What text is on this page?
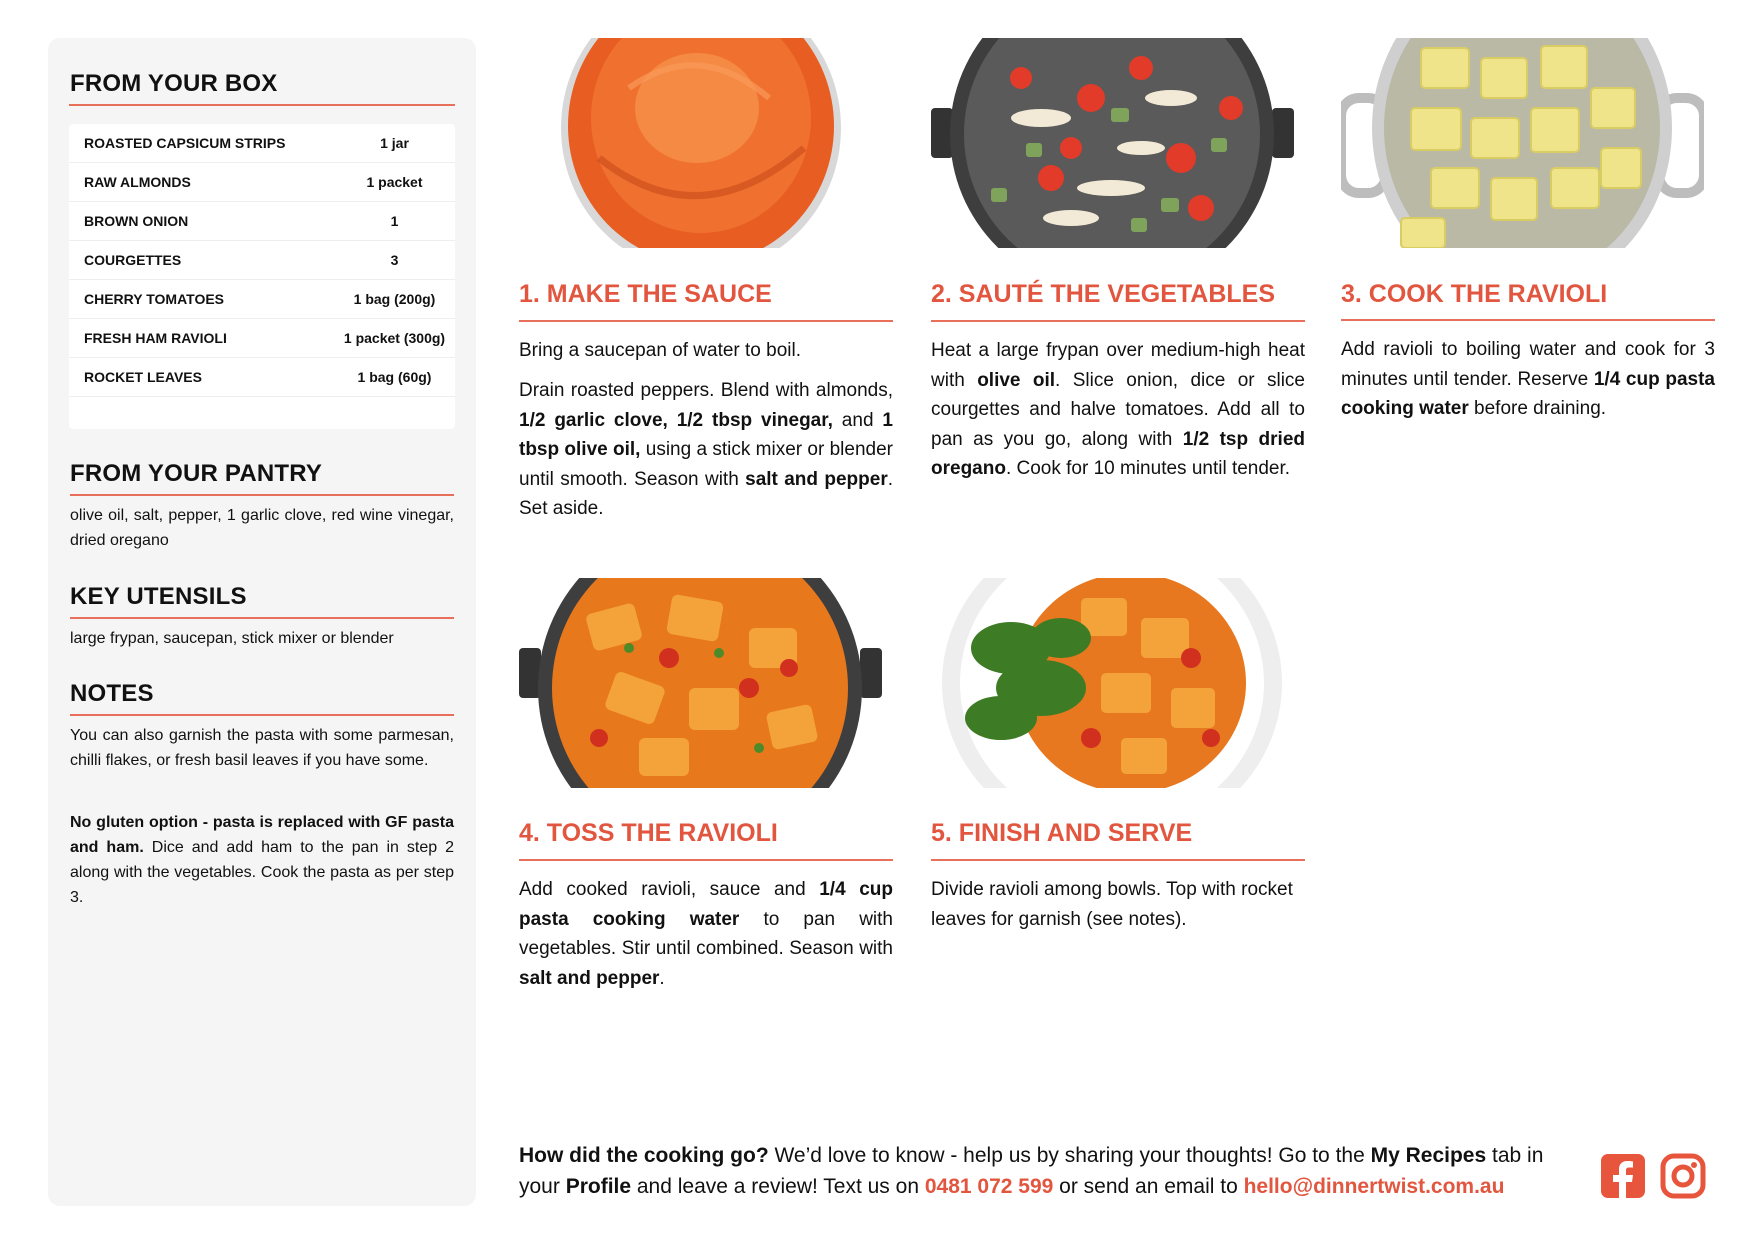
FROM YOUR BOX
ROASTED CAPSICUM STRIPS	1 jar
RAW ALMONDS	1 packet
BROWN ONION	1
COURGETTES	3
CHERRY TOMATOES	1 bag (200g)
FRESH HAM RAVIOLI	1 packet (300g)
ROCKET LEAVES	1 bag (60g)
FROM YOUR PANTRY

olive oil, salt, pepper, 1 garlic clove, red wine vinegar, dried oregano

KEY UTENSILS

large frypan, saucepan, stick mixer or blender

NOTES

You can also garnish the pasta with some parmesan, chilli flakes, or fresh basil leaves if you have some.

No gluten option - pasta is replaced with GF pasta and ham. Dice and add ham to the pan in step 2 along with the vegetables. Cook the pasta as per step 3.

1. MAKE THE SAUCE

Bring a saucepan of water to boil.

Drain roasted peppers. Blend with almonds, 1/2 garlic clove, 1/2 tbsp vinegar, and 1 tbsp olive oil, using a stick mixer or blender until smooth. Season with salt and pepper. Set aside.

2. SAUTÉ THE VEGETABLES

Heat a large frypan over medium-high heat with olive oil. Slice onion, dice or slice courgettes and halve tomatoes. Add all to pan as you go, along with 1/2 tsp dried oregano. Cook for 10 minutes until tender.

3. COOK THE RAVIOLI

Add ravioli to boiling water and cook for 3 minutes until tender. Reserve 1/4 cup pasta cooking water before draining.

4. TOSS THE RAVIOLI

Add cooked ravioli, sauce and 1/4 cup pasta cooking water to pan with vegetables. Stir until combined. Season with salt and pepper.

5. FINISH AND SERVE

Divide ravioli among bowls. Top with rocket leaves for garnish (see notes).

How did the cooking go? We’d love to know - help us by sharing your thoughts! Go to the My Recipes tab in your Profile and leave a review! Text us on 0481 072 599 or send an email to hello@dinnertwist.com.au
